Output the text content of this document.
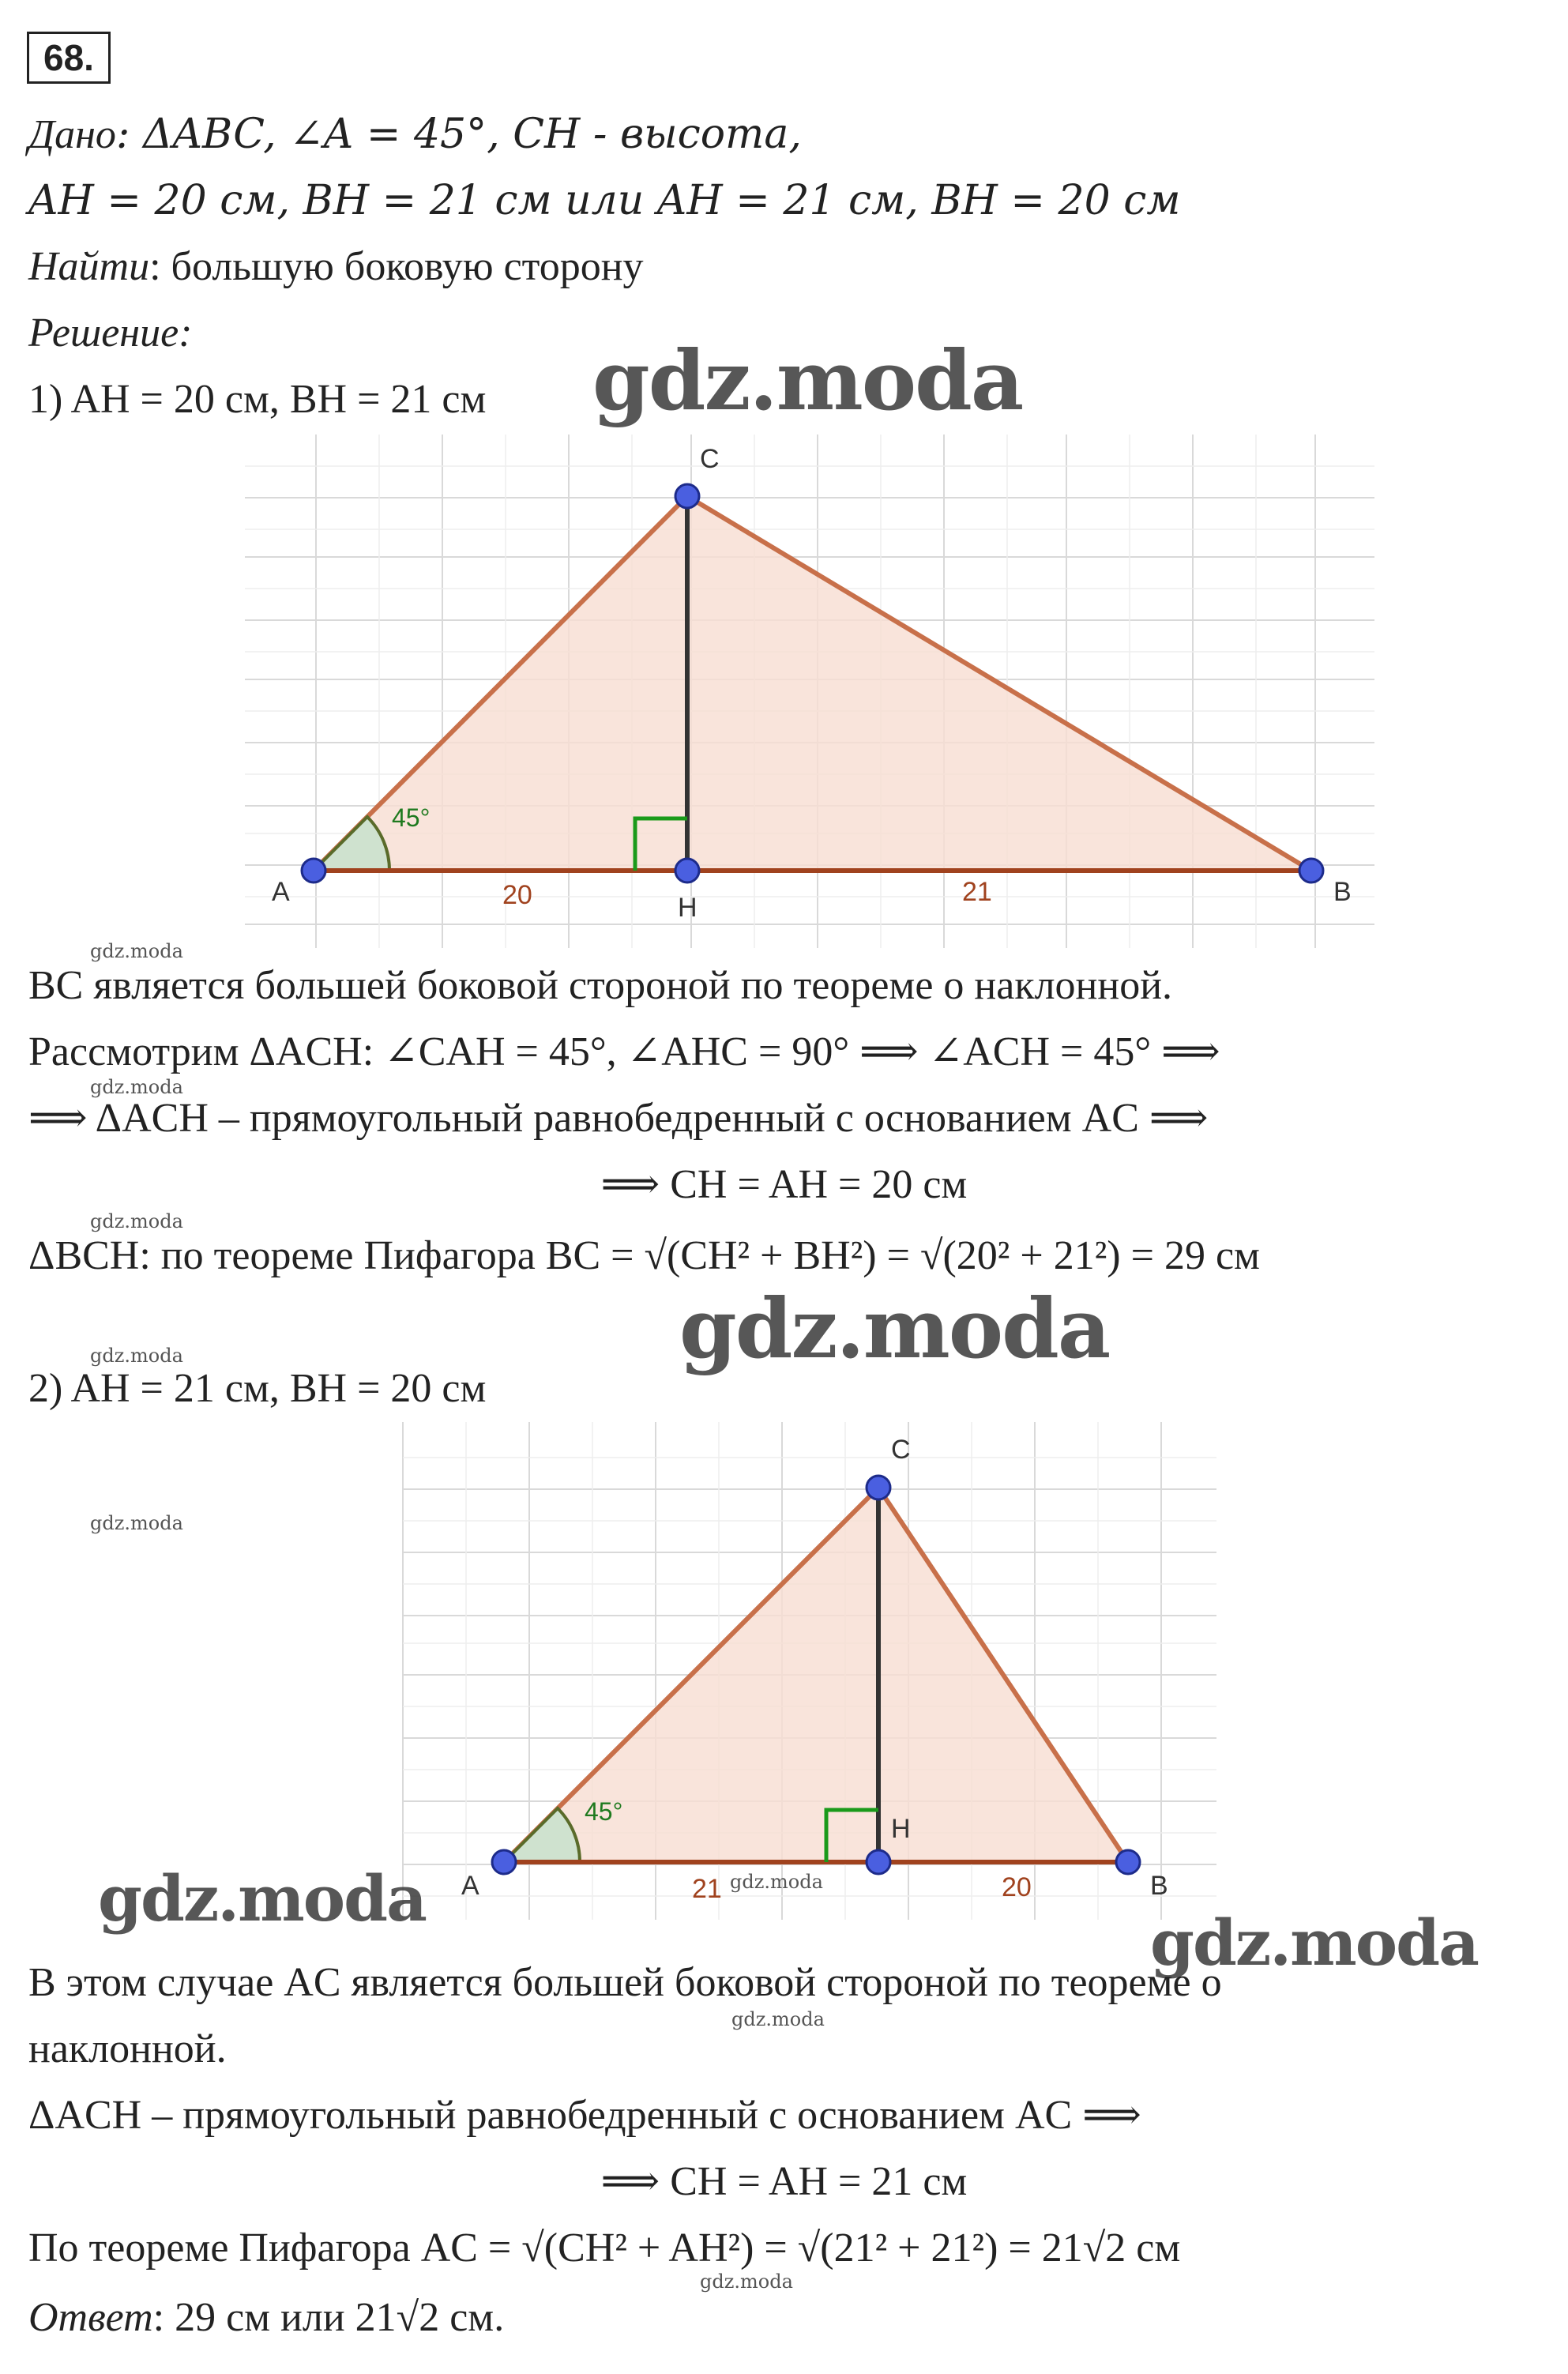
68.
Дано: ΔABC, ∠A = 45°, CH - высота,
AH = 20 см, BH = 21 см или AH = 21 см, BH = 20 см
Найти: большую боковую сторону
Решение:
1) AH = 20 см, BH = 21 см gdz.moda
C
A
H
B
45°
20	21
gdz.moda
BC является большей боковой стороной по теореме о наклонной.
Рассмотрим ΔACH: ∠CAH = 45°, ∠AHC = 90° ⟹ ∠ACH = 45° ⟹
gdz.moda
⟹ ΔACH – прямоугольный равнобедренный с основанием AC ⟹
⟹ CH = AH = 20 см
gdz.moda
ΔBCH: по теореме Пифагора BC = √(CH² + BH²) = √(20² + 21²) = 29 см
gdz.moda
gdz.moda
2) AH = 21 см, BH = 20 см
gdz.moda
C
A
H
B
45°
21	20
gdz.moda
gdz.moda
gdz.moda
В этом случае AC является большей боковой стороной по теореме о
gdz.moda
наклонной.
ΔACH – прямоугольный равнобедренный с основанием AC ⟹
⟹ CH = AH = 21 см
По теореме Пифагора AC = √(CH² + AH²) = √(21² + 21²) = 21√2 см
gdz.moda
Ответ: 29 см или 21√2 см.
